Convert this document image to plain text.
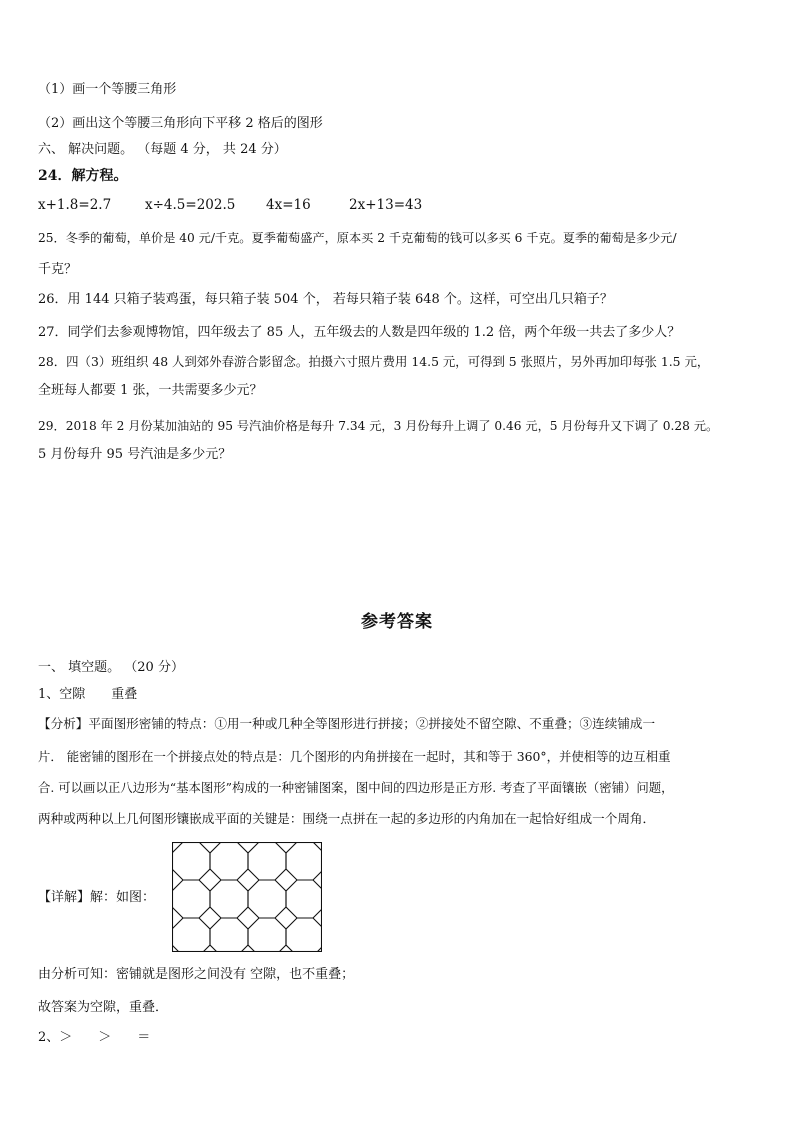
（1）画一个等腰三角形
（2）画出这个等腰三角形向下平移 2 格后的图形
六、 解决问题。 （每题 4 分， 共 24 分）
24．解方程。
x+1.8=2.7	x÷4.5=202.5 4x=16	2x+13=43
25．冬季的葡萄，单价是 40 元/千克。夏季葡萄盛产，原本买 2 千克葡萄的钱可以多买 6 千克。夏季的葡萄是多少元/
千克？
26．用 144 只箱子装鸡蛋，每只箱子装 504 个， 若每只箱子装 648 个。这样，可空出几只箱子？
27．同学们去参观博物馆，四年级去了 85 人，五年级去的人数是四年级的 1.2 倍，两个年级一共去了多少人？
28．四（3）班组织 48 人到郊外春游合影留念。拍摄六寸照片费用 14.5 元，可得到 5 张照片，另外再加印每张 1.5 元，
全班每人都要 1 张，一共需要多少元？
29．2018 年 2 月份某加油站的 95 号汽油价格是每升 7.34 元，3 月份每升上调了 0.46 元，5 月份每升又下调了 0.28 元。
5 月份每升 95 号汽油是多少元？
参考答案
一、 填空题。 （20 分）
1、空隙  重叠
【分析】平面图形密铺的特点：①用一种或几种全等图形进行拼接；②拼接处不留空隙、不重叠；③连续铺成一
片． 能密铺的图形在一个拼接点处的特点是：几个图形的内角拼接在一起时，其和等于 360°，并使相等的边互相重
合. 可以画以正八边形为“基本图形”构成的一种密铺图案，图中间的四边形是正方形. 考查了平面镶嵌（密铺）问题，
两种或两种以上几何图形镶嵌成平面的关键是：围绕一点拼在一起的多边形的内角加在一起恰好组成一个周角．
【详解】解：如图：
由分析可知：密铺就是图形之间没有 空隙，也不重叠；
故答案为空隙，重叠．
2、＞  ＞  ＝
